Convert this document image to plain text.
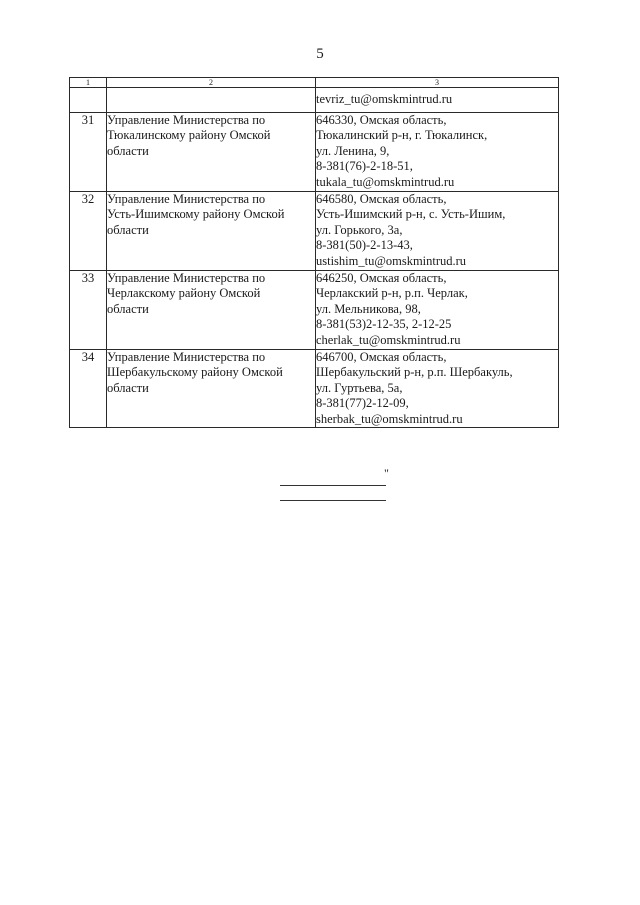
5
1	2	3

		tevriz_tu@omskmintrud.ru

31	Управление Министерства по
Тюкалинскому району Омской
области	646330, Омская область,
Тюкалинский р-н, г. Тюкалинск,
ул. Ленина, 9,
8-381(76)-2-18-51,
tukala_tu@omskmintrud.ru

32	Управление Министерства по
Усть-Ишимскому району Омской
области	646580, Омская область,
Усть-Ишимский р-н, с. Усть-Ишим,
ул. Горького, 3а,
8-381(50)-2-13-43,
ustishim_tu@omskmintrud.ru

33	Управление Министерства по
Черлакскому району Омской
области	646250, Омская область,
Черлакский р-н, р.п. Черлак,
ул. Мельникова, 98,
8-381(53)2-12-35, 2-12-25
cherlak_tu@omskmintrud.ru

34	Управление Министерства по
Шербакульскому району Омской
области	646700, Омская область,
Шербакульский р-н, р.п. Шербакуль,
ул. Гуртьева, 5а,
8-381(77)2-12-09,
sherbak_tu@omskmintrud.ru
"
